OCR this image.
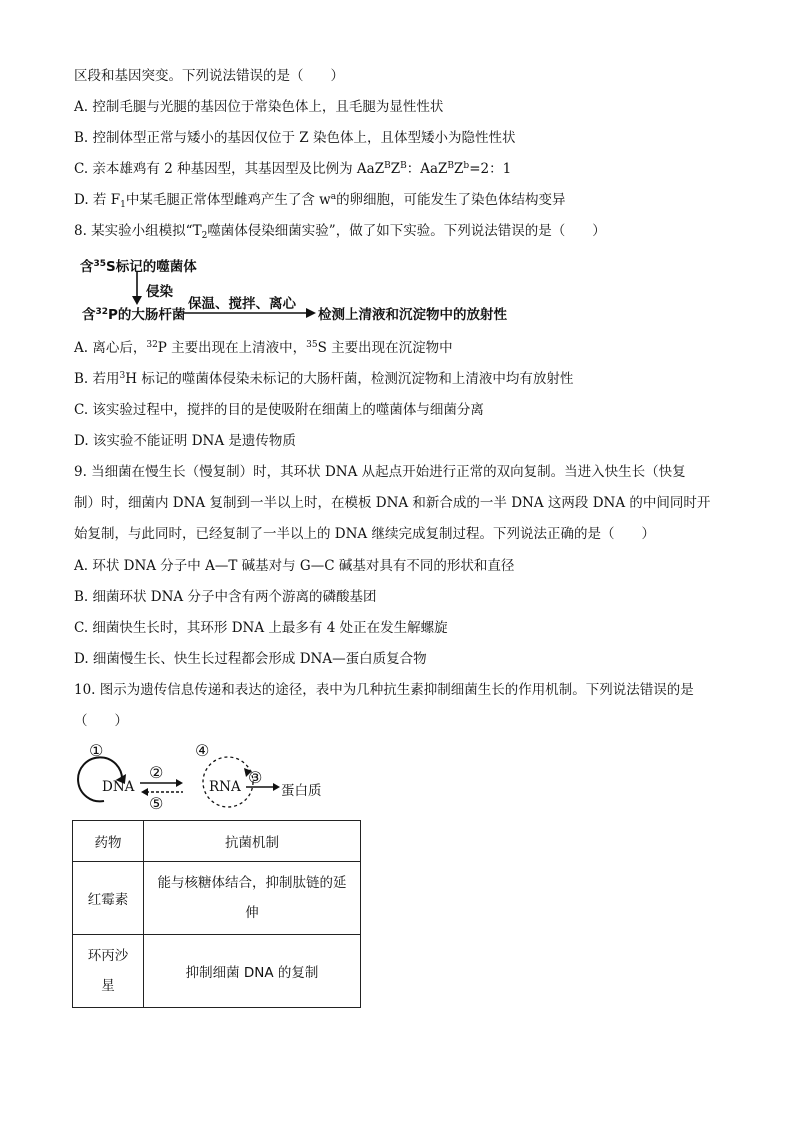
区段和基因突变。下列说法错误的是（　　）
A. 控制毛腿与光腿的基因位于常染色体上，且毛腿为显性性状
B. 控制体型正常与矮小的基因仅位于 Z 染色体上，且体型矮小为隐性性状
C. 亲本雄鸡有 2 种基因型，其基因型及比例为 $AaZ^BZ^B$：$AaZ^BZ^b=2$：1
D. 若 $F_1$中某毛腿正常体型雌鸡产生了含 $w^a$的卵细胞，可能发生了染色体结构变异
8. 某实验小组模拟“$T_2$噬菌体侵染细菌实验”，做了如下实验。下列说法错误的是（　　）
含$^{35}$S标记的噬菌体
侵染
含$^{32}$P的大肠杆菌
保温、搅拌、离心
检测上清液和沉淀物中的放射性
A. 离心后，$^{32}$P 主要出现在上清液中，$^{35}$S 主要出现在沉淀物中
B. 若用$^3$H 标记的噬菌体侵染未标记的大肠杆菌，检测沉淀物和上清液中均有放射性
C. 该实验过程中，搅拌的目的是使吸附在细菌上的噬菌体与细菌分离
D. 该实验不能证明 DNA 是遗传物质
9. 当细菌在慢生长（慢复制）时，其环状 DNA 从起点开始进行正常的双向复制。当进入快生长（快复
制）时，细菌内 DNA 复制到一半以上时，在模板 DNA 和新合成的一半 DNA 这两段 DNA 的中间同时开
始复制，与此同时，已经复制了一半以上的 DNA 继续完成复制过程。下列说法正确的是（　　）
A. 环状 DNA 分子中 A—T 碱基对与 G—C 碱基对具有不同的形状和直径
B. 细菌环状 DNA 分子中含有两个游离的磷酸基团
C. 细菌快生长时，其环形 DNA 上最多有 4 处正在发生解螺旋
D. 细菌慢生长、快生长过程都会形成 DNA—蛋白质复合物
10. 图示为遗传信息传递和表达的途径，表中为几种抗生素抑制细菌生长的作用机制。下列说法错误的是
（　　）
①
②
④
③
⑤
DNA	RNA	蛋白质
药物	抗菌机制
红霉素	能与核糖体结合，抑制肽链的延
伸

环丙沙
星	抑制细菌 DNA 的复制
